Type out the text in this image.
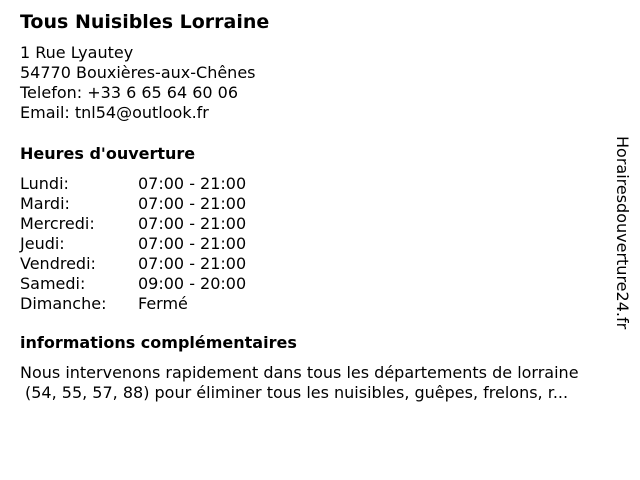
Tous Nuisibles Lorraine
1 Rue Lyautey
54770 Bouxières-aux-Chênes
Telefon: +33 6 65 64 60 06
Email: tnl54@outlook.fr
Heures d'ouverture
Lundi:	07:00 - 21:00
Mardi:	07:00 - 21:00
Mercredi:	07:00 - 21:00
Jeudi:	07:00 - 21:00
Vendredi:	07:00 - 21:00
Samedi:	09:00 - 20:00
Dimanche:	Fermé
informations complémentaires
Nous intervenons rapidement dans tous les départements de lorraine
(54, 55, 57, 88) pour éliminer tous les nuisibles, guêpes, frelons, r...
Horairesdouverture24.fr
